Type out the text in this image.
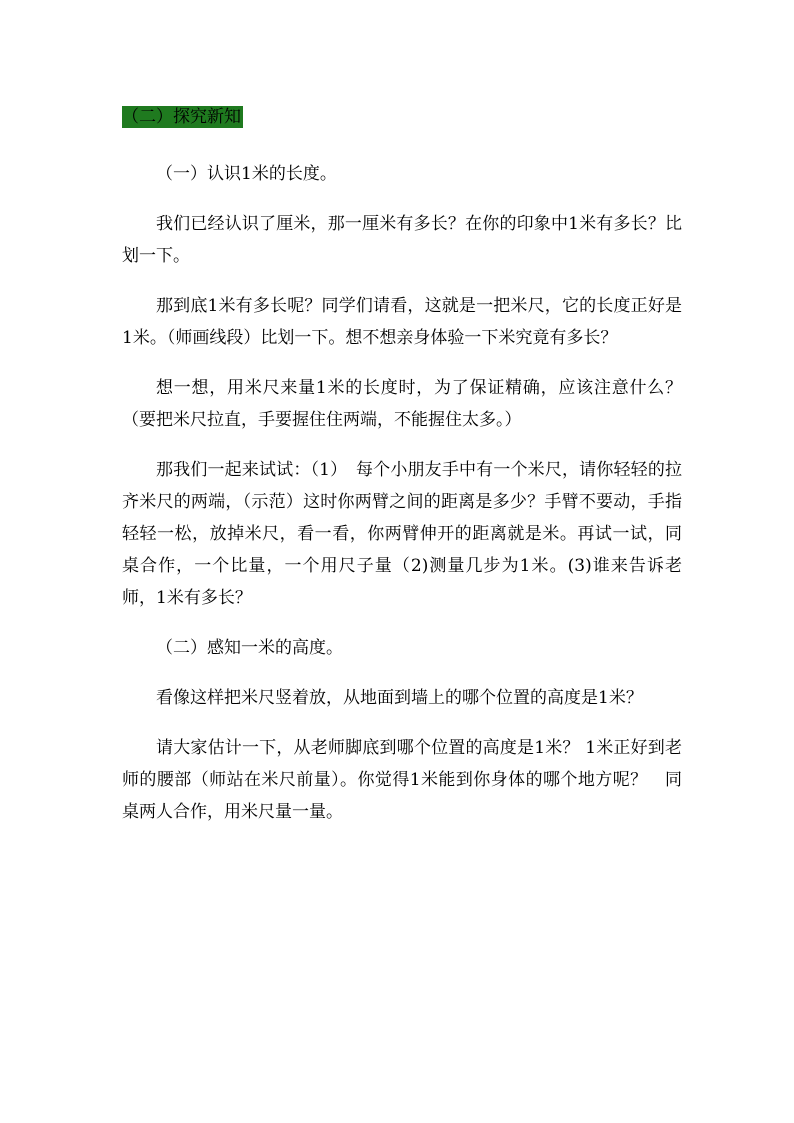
（二）探究新知

（一）认识1米的长度。

我们已经认识了厘米，那一厘米有多长？在你的印象中1米有多长？比划一下。

那到底1米有多长呢？同学们请看，这就是一把米尺，它的长度正好是1米。（师画线段）比划一下。想不想亲身体验一下米究竟有多长？

想一想，用米尺来量1米的长度时，为了保证精确，应该注意什么？（要把米尺拉直，手要握住住两端，不能握住太多。）

那我们一起来试试：（1）　每个小朋友手中有一个米尺，请你轻轻的拉齐米尺的两端，（示范）这时你两臂之间的距离是多少？手臂不要动，手指轻轻一松，放掉米尺，看一看，你两臂伸开的距离就是米。再试一试，同桌合作，一个比量，一个用尺子量（2)测量几步为1米。(3)谁来告诉老师，1米有多长？

（二）感知一米的高度。

看像这样把米尺竖着放，从地面到墙上的哪个位置的高度是1米？

请大家估计一下，从老师脚底到哪个位置的高度是1米？ 1米正好到老师的腰部（师站在米尺前量）。你觉得1米能到你身体的哪个地方呢？　同桌两人合作，用米尺量一量。
